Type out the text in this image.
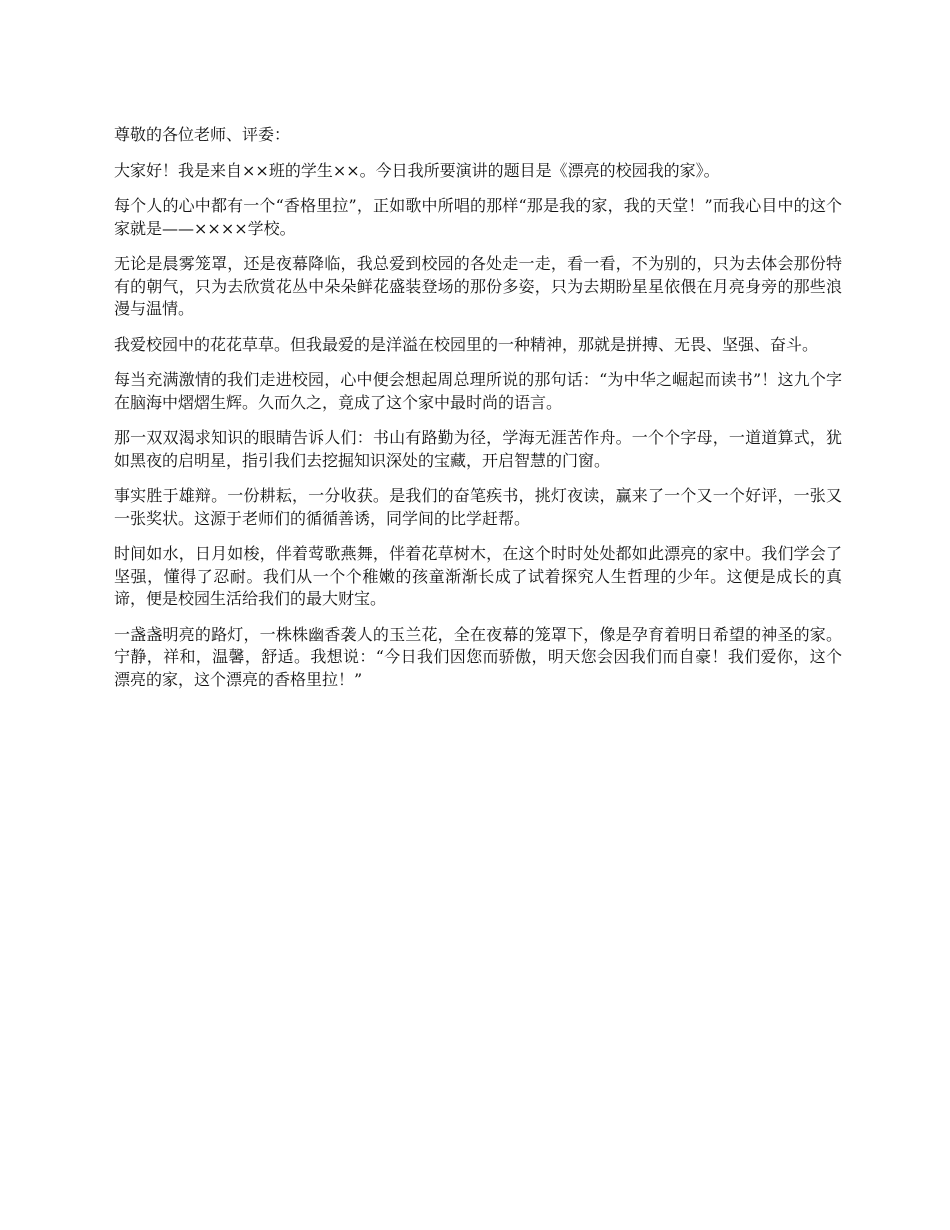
尊敬的各位老师、评委：

大家好！我是来自××班的学生××。今日我所要演讲的题目是《漂亮的校园我的家》。

每个人的心中都有一个“香格里拉”，正如歌中所唱的那样“那是我的家，我的天堂！”而我心目中的这个家就是——××××学校。

无论是晨雾笼罩，还是夜幕降临，我总爱到校园的各处走一走，看一看，不为别的，只为去体会那份特有的朝气，只为去欣赏花丛中朵朵鲜花盛装登场的那份多姿，只为去期盼星星依偎在月亮身旁的那些浪漫与温情。

我爱校园中的花花草草。但我最爱的是洋溢在校园里的一种精神，那就是拼搏、无畏、坚强、奋斗。

每当充满激情的我们走进校园，心中便会想起周总理所说的那句话：“为中华之崛起而读书”！这九个字在脑海中熠熠生辉。久而久之，竟成了这个家中最时尚的语言。

那一双双渴求知识的眼睛告诉人们：书山有路勤为径，学海无涯苦作舟。一个个字母，一道道算式，犹如黑夜的启明星，指引我们去挖掘知识深处的宝藏，开启智慧的门窗。

事实胜于雄辩。一份耕耘，一分收获。是我们的奋笔疾书，挑灯夜读，赢来了一个又一个好评，一张又一张奖状。这源于老师们的循循善诱，同学间的比学赶帮。

时间如水，日月如梭，伴着莺歌燕舞，伴着花草树木，在这个时时处处都如此漂亮的家中。我们学会了坚强，懂得了忍耐。我们从一个个稚嫩的孩童渐渐长成了试着探究人生哲理的少年。这便是成长的真谛，便是校园生活给我们的最大财宝。

一盏盏明亮的路灯，一株株幽香袭人的玉兰花，全在夜幕的笼罩下，像是孕育着明日希望的神圣的家。宁静，祥和，温馨，舒适。我想说：“今日我们因您而骄傲，明天您会因我们而自豪！我们爱你，这个漂亮的家，这个漂亮的香格里拉！”
